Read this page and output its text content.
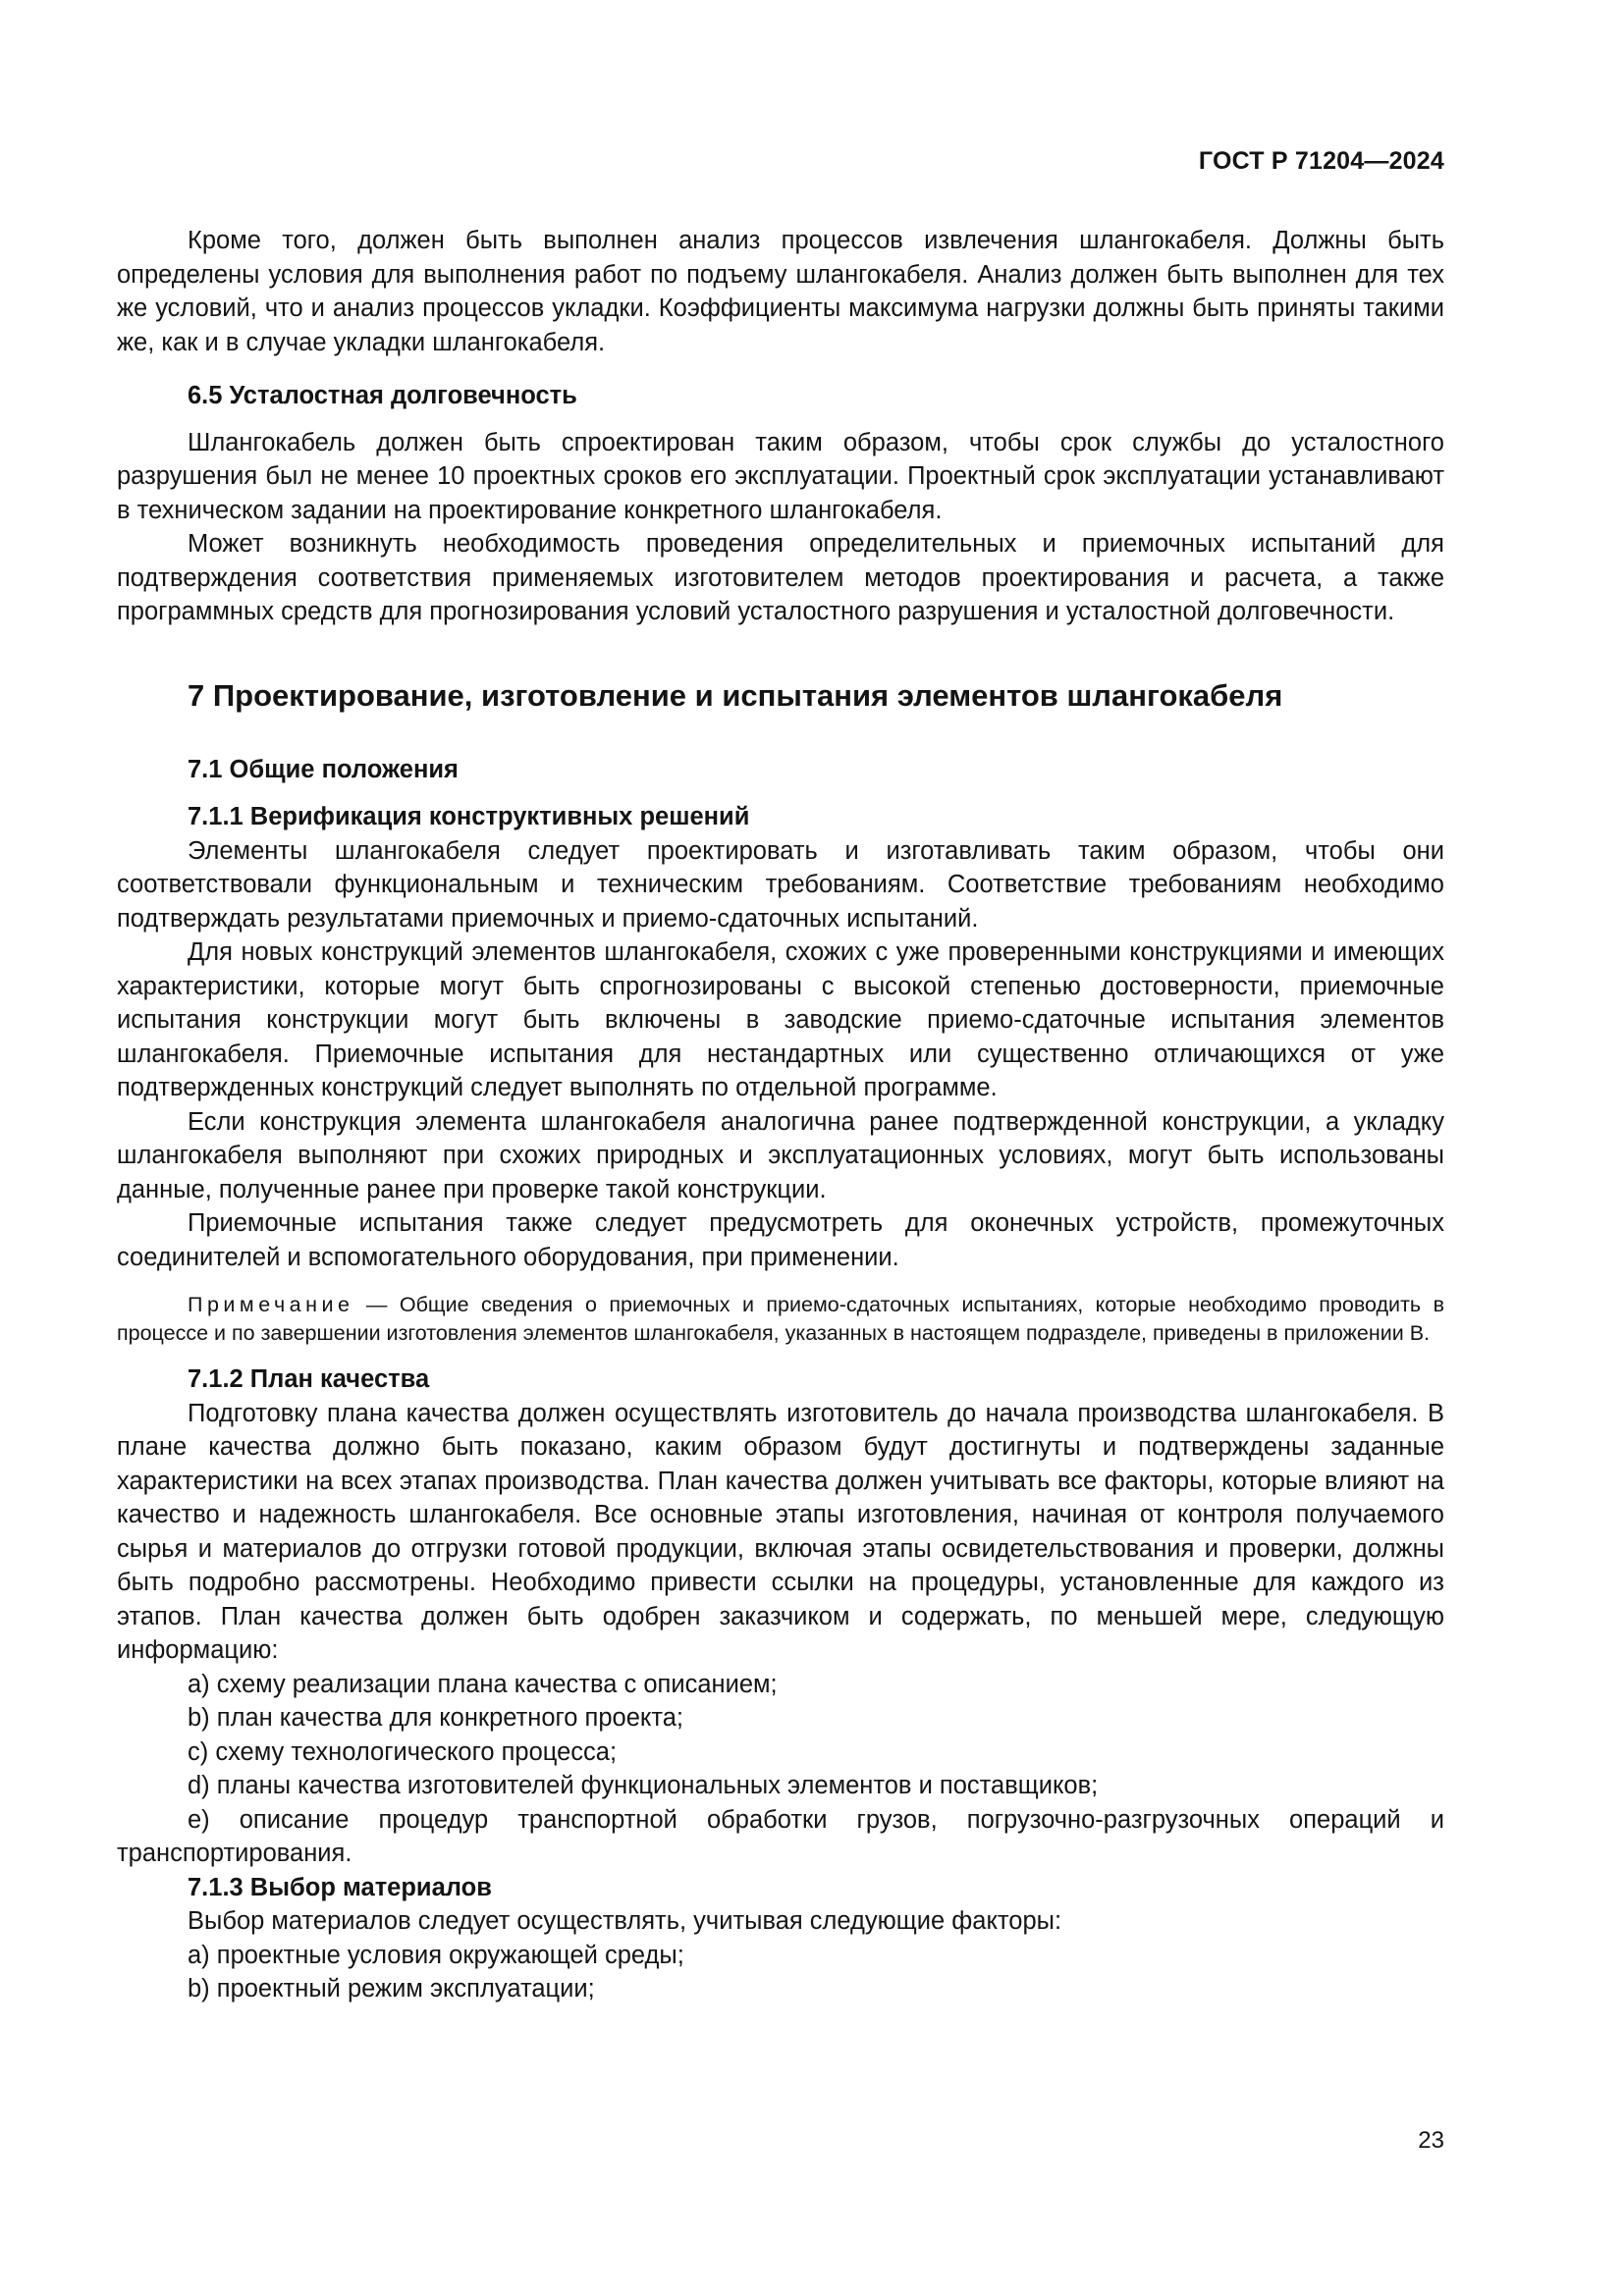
ГОСТ Р 71204—2024

Кроме того, должен быть выполнен анализ процессов извлечения шлангокабеля. Должны быть определены условия для выполнения работ по подъему шлангокабеля. Анализ должен быть выполнен для тех же условий, что и анализ процессов укладки. Коэффициенты максимума нагрузки должны быть приняты такими же, как и в случае укладки шлангокабеля.

6.5 Усталостная долговечность

Шлангокабель должен быть спроектирован таким образом, чтобы срок службы до усталостного разрушения был не менее 10 проектных сроков его эксплуатации. Проектный срок эксплуатации устанавливают в техническом задании на проектирование конкретного шлангокабеля.

Может возникнуть необходимость проведения определительных и приемочных испытаний для подтверждения соответствия применяемых изготовителем методов проектирования и расчета, а также программных средств для прогнозирования условий усталостного разрушения и усталостной долговечности.

7 Проектирование, изготовление и испытания элементов шлангокабеля
7.1 Общие положения
7.1.1 Верификация конструктивных решений

Элементы шлангокабеля следует проектировать и изготавливать таким образом, чтобы они соответствовали функциональным и техническим требованиям. Соответствие требованиям необходимо подтверждать результатами приемочных и приемо-сдаточных испытаний.

Для новых конструкций элементов шлангокабеля, схожих с уже проверенными конструкциями и имеющих характеристики, которые могут быть спрогнозированы с высокой степенью достоверности, приемочные испытания конструкции могут быть включены в заводские приемо-сдаточные испытания элементов шлангокабеля. Приемочные испытания для нестандартных или существенно отличающихся от уже подтвержденных конструкций следует выполнять по отдельной программе.

Если конструкция элемента шлангокабеля аналогична ранее подтвержденной конструкции, а укладку шлангокабеля выполняют при схожих природных и эксплуатационных условиях, могут быть использованы данные, полученные ранее при проверке такой конструкции.

Приемочные испытания также следует предусмотреть для оконечных устройств, промежуточных соединителей и вспомогательного оборудования, при применении.

Примечание — Общие сведения о приемочных и приемо-сдаточных испытаниях, которые необходимо проводить в процессе и по завершении изготовления элементов шлангокабеля, указанных в настоящем подразделе, приведены в приложении В.

7.1.2 План качества

Подготовку плана качества должен осуществлять изготовитель до начала производства шлангокабеля. В плане качества должно быть показано, каким образом будут достигнуты и подтверждены заданные характеристики на всех этапах производства. План качества должен учитывать все факторы, которые влияют на качество и надежность шлангокабеля. Все основные этапы изготовления, начиная от контроля получаемого сырья и материалов до отгрузки готовой продукции, включая этапы освидетельствования и проверки, должны быть подробно рассмотрены. Необходимо привести ссылки на процедуры, установленные для каждого из этапов. План качества должен быть одобрен заказчиком и содержать, по меньшей мере, следующую информацию:

a) схему реализации плана качества с описанием;
b) план качества для конкретного проекта;
c) схему технологического процесса;
d) планы качества изготовителей функциональных элементов и поставщиков;
e) описание процедур транспортной обработки грузов, погрузочно-разгрузочных операций и транспортирования.
7.1.3 Выбор материалов

Выбор материалов следует осуществлять, учитывая следующие факторы:

a) проектные условия окружающей среды;
b) проектный режим эксплуатации;
23
